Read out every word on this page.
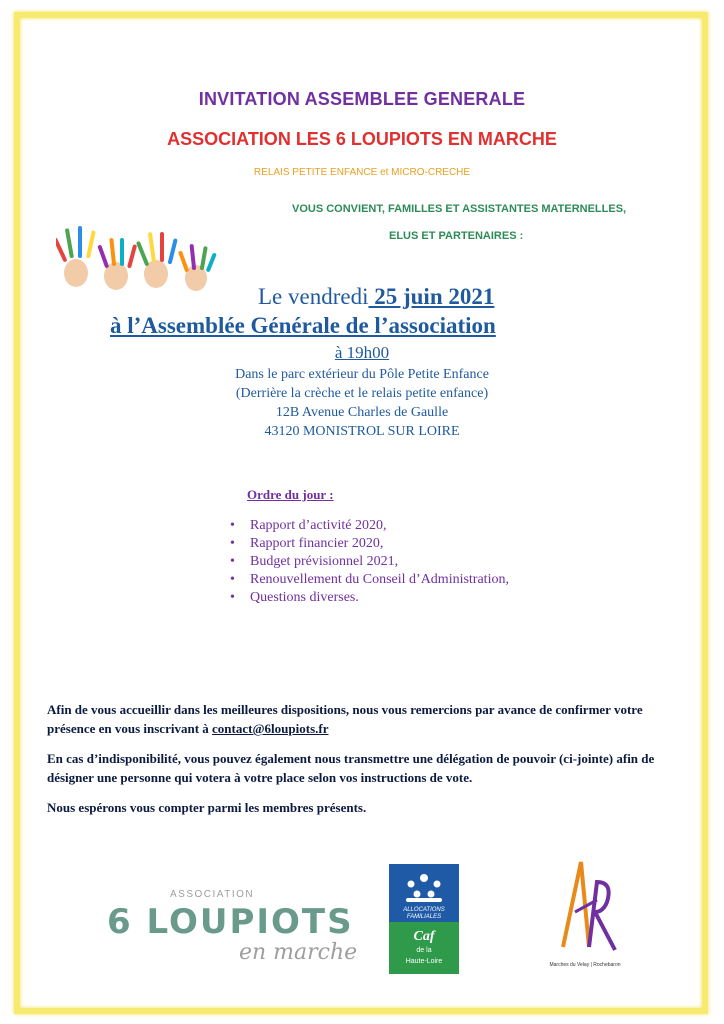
INVITATION ASSEMBLEE GENERALE
ASSOCIATION LES 6 LOUPIOTS EN MARCHE

RELAIS PETITE ENFANCE et MICRO-CRECHE

VOUS CONVIENT, FAMILLES ET ASSISTANTES MATERNELLES,

ELUS ET PARTENAIRES :

Le vendredi 25 juin 2021

à l’Assemblée Générale de l’association

à 19h00

Dans le parc extérieur du Pôle Petite Enfance
(Derrière la crèche et le relais petite enfance)
12B Avenue Charles de Gaulle
43120 MONISTROL SUR LOIRE

Ordre du jour :

• Rapport d’activité 2020,
• Rapport financier 2020,
• Budget prévisionnel 2021,
• Renouvellement du Conseil d’Administration,
• Questions diverses.

Afin de vous accueillir dans les meilleures dispositions, nous vous remercions par avance de confirmer votre présence en vous inscrivant à contact@6loupiots.fr

En cas d’indisponibilité, vous pouvez également nous transmettre une délégation de pouvoir (ci-jointe) afin de désigner une personne qui votera à votre place selon vos instructions de vote.

Nous espérons vous compter parmi les membres présents.

ASSOCIATION
6 LOUPIOTS
en marche
ALLOCATIONS
FAMILIALES
Caf
de la
Haute-Loire	Marches du Velay | Rochebaron
